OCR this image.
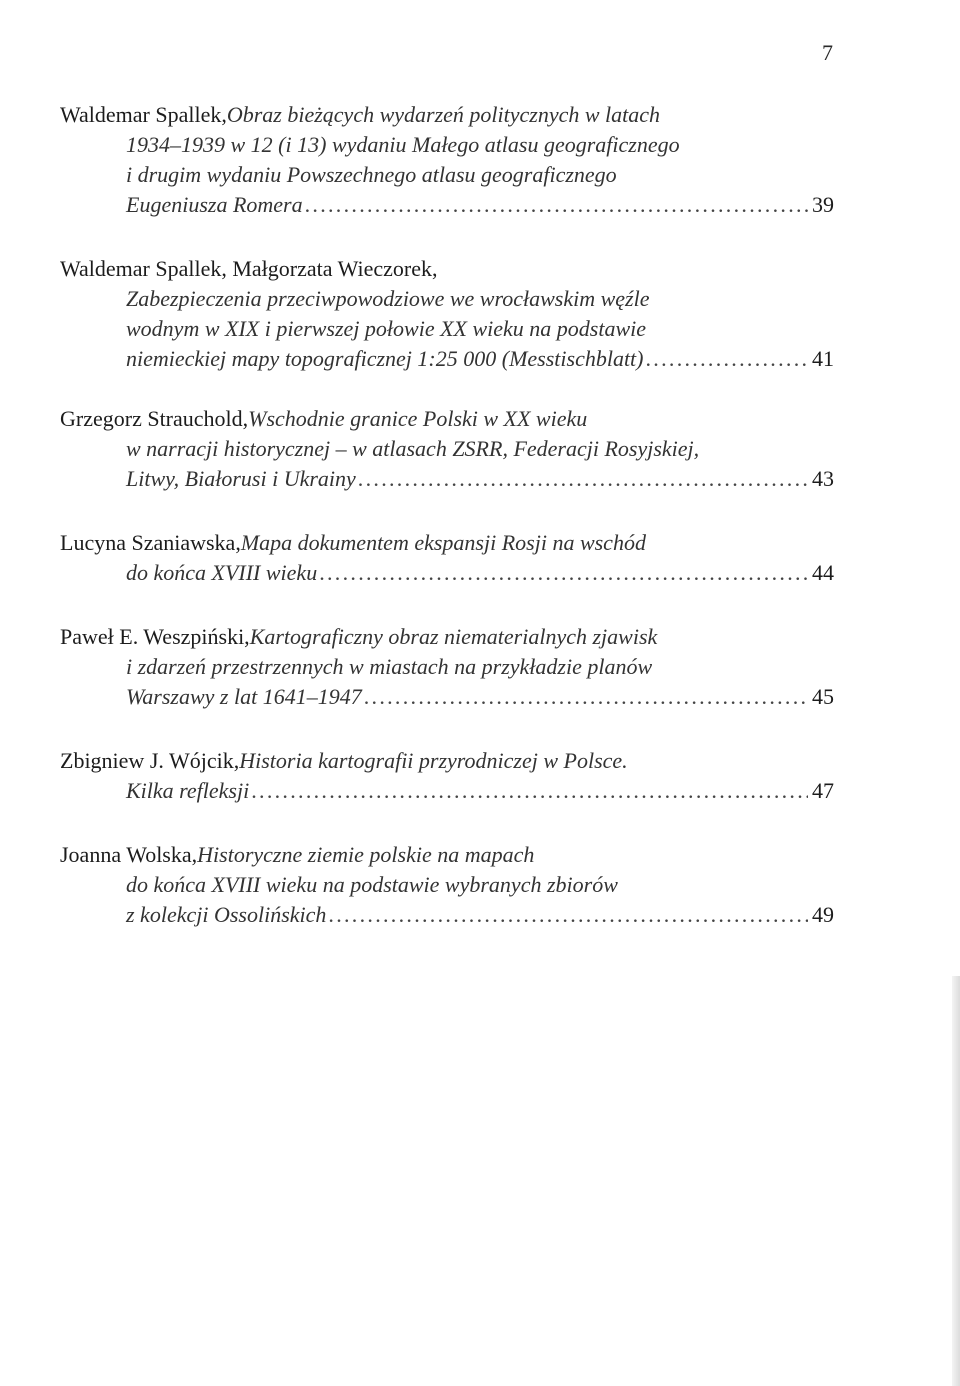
7
Waldemar Spallek, Obraz bieżących wydarzeń politycznych w latach
1934–1939 w 12 (i 13) wydaniu Małego atlasu geograficznego
i drugim wydaniu Powszechnego atlasu geograficznego
Eugeniusza Romera . . .	39
Waldemar Spallek, Małgorzata Wieczorek,
Zabezpieczenia przeciwpowodziowe we wrocławskim węźle
wodnym w XIX i pierwszej połowie XX wieku na podstawie
niemieckiej mapy topograficznej 1:25 000 (Messtischblatt) . . .	41
Grzegorz Strauchold, Wschodnie granice Polski w XX wieku
w narracji historycznej – w atlasach ZSRR, Federacji Rosyjskiej,
Litwy, Białorusi i Ukrainy . . .	43
Lucyna Szaniawska, Mapa dokumentem ekspansji Rosji na wschód
do końca XVIII wieku . . .	44
Paweł E. Weszpiński, Kartograficzny obraz niematerialnych zjawisk
i zdarzeń przestrzennych w miastach na przykładzie planów
Warszawy z lat 1641–1947 . . .	45
Zbigniew J. Wójcik, Historia kartografii przyrodniczej w Polsce.
Kilka refleksji . . .	47
Joanna Wolska, Historyczne ziemie polskie na mapach
do końca XVIII wieku na podstawie wybranych zbiorów
z kolekcji Ossolińskich . . .	49
